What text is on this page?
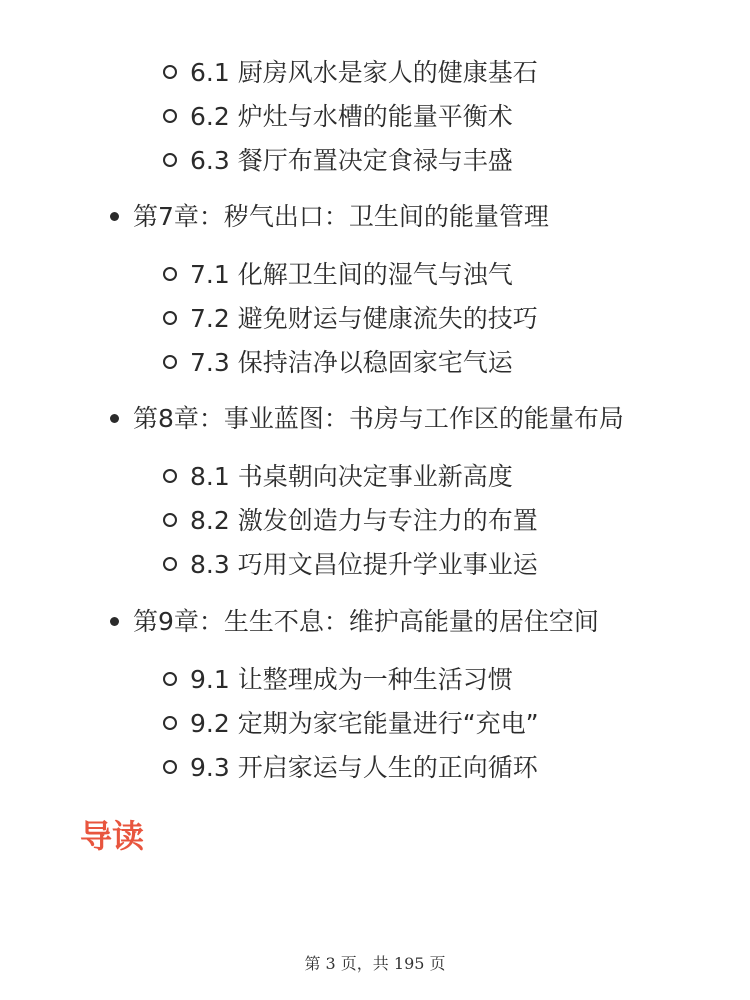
6.1 厨房风水是家人的健康基石
6.2 炉灶与水槽的能量平衡术
6.3 餐厅布置决定食禄与丰盛
第7章：秽气出口：卫生间的能量管理
7.1 化解卫生间的湿气与浊气
7.2 避免财运与健康流失的技巧
7.3 保持洁净以稳固家宅气运
第8章：事业蓝图：书房与工作区的能量布局
8.1 书桌朝向决定事业新高度
8.2 激发创造力与专注力的布置
8.3 巧用文昌位提升学业事业运
第9章：生生不息：维护高能量的居住空间
9.1 让整理成为一种生活习惯
9.2 定期为家宅能量进行“充电”
9.3 开启家运与人生的正向循环
导读
第 3 页，共 195 页
